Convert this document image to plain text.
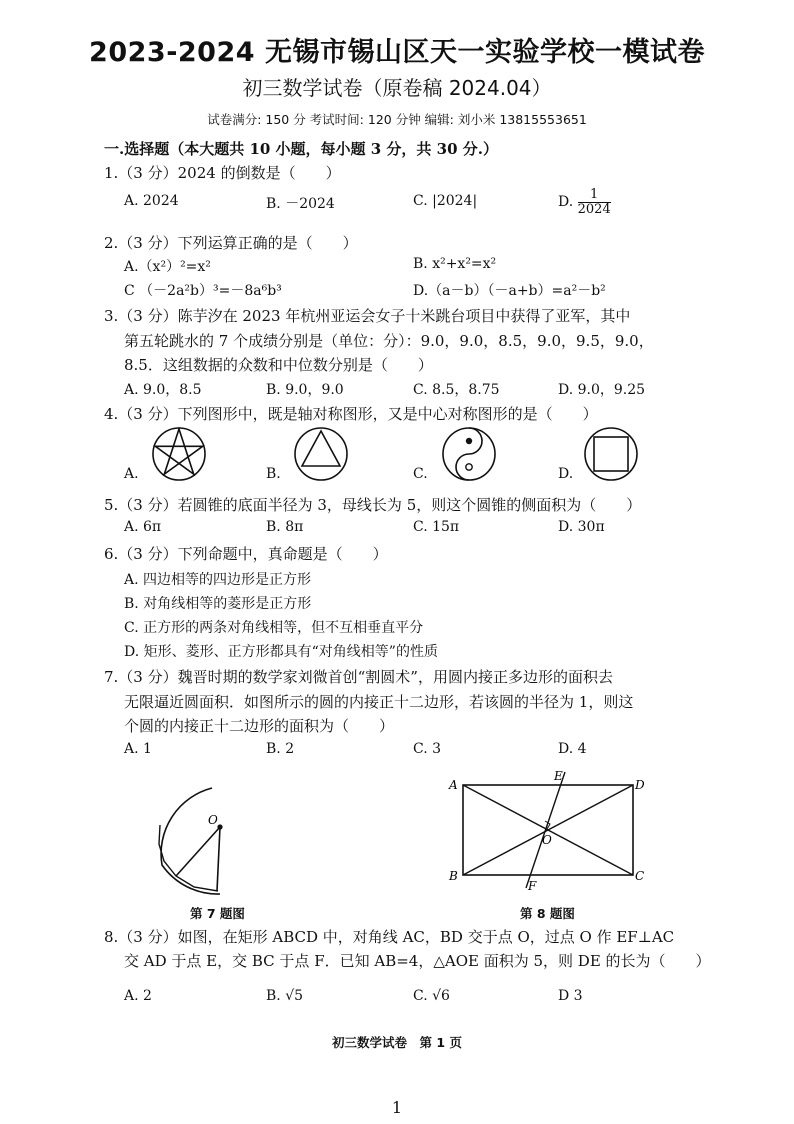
2023-2024 无锡市锡山区天一实验学校一模试卷
初三数学试卷（原卷稿 2024.04）
试卷满分: 150 分 考试时间: 120 分钟 编辑: 刘小米 13815553651
一.选择题（本大题共 10 小题，每小题 3 分，共 30 分.）
1.（3 分）2024 的倒数是（　　）
A. 2024	B. －2024	C. |2024|	D. $\frac{1}{2024}$
2.（3 分）下列运算正确的是（　　）
A.（x²）²=x²	B. x²+x²=x²
C （－2a²b）³=－8a⁶b³	D.（a－b）（－a+b）=a²－b²
3.（3 分）陈芋汐在 2023 年杭州亚运会女子十米跳台项目中获得了亚军，其中
第五轮跳水的 7 个成绩分别是（单位：分）：9.0，9.0，8.5，9.0，9.5，9.0，
8.5．这组数据的众数和中位数分别是（　　）
A. 9.0，8.5	B. 9.0，9.0	C. 8.5，8.75	D. 9.0，9.25
4.（3 分）下列图形中，既是轴对称图形，又是中心对称图形的是（　　）
A.	B.	C.	D.
5.（3 分）若圆锥的底面半径为 3，母线长为 5，则这个圆锥的侧面积为（　　）
A. 6π	B. 8π	C. 15π	D. 30π
6.（3 分）下列命题中，真命题是（　　）
A. 四边相等的四边形是正方形
B. 对角线相等的菱形是正方形
C. 正方形的两条对角线相等，但不互相垂直平分
D. 矩形、菱形、正方形都具有“对角线相等”的性质
7.（3 分）魏晋时期的数学家刘微首创“割圆术”，用圆内接正多边形的面积去
无限逼近圆面积．如图所示的圆的内接正十二边形，若该圆的半径为 1，则这
个圆的内接正十二边形的面积为（　　）
A. 1	B. 2	C. 3	D. 4
O
第 7 题图
A
B	C
D
E
F
O
第 8 题图
8.（3 分）如图，在矩形 ABCD 中，对角线 AC，BD 交于点 O，过点 O 作 EF⊥AC
交 AD 于点 E，交 BC 于点 F．已知 AB=4，△AOE 面积为 5，则 DE 的长为（　　）
A. 2	B. √5	C. √6	D 3
初三数学试卷　第 1 页
1
